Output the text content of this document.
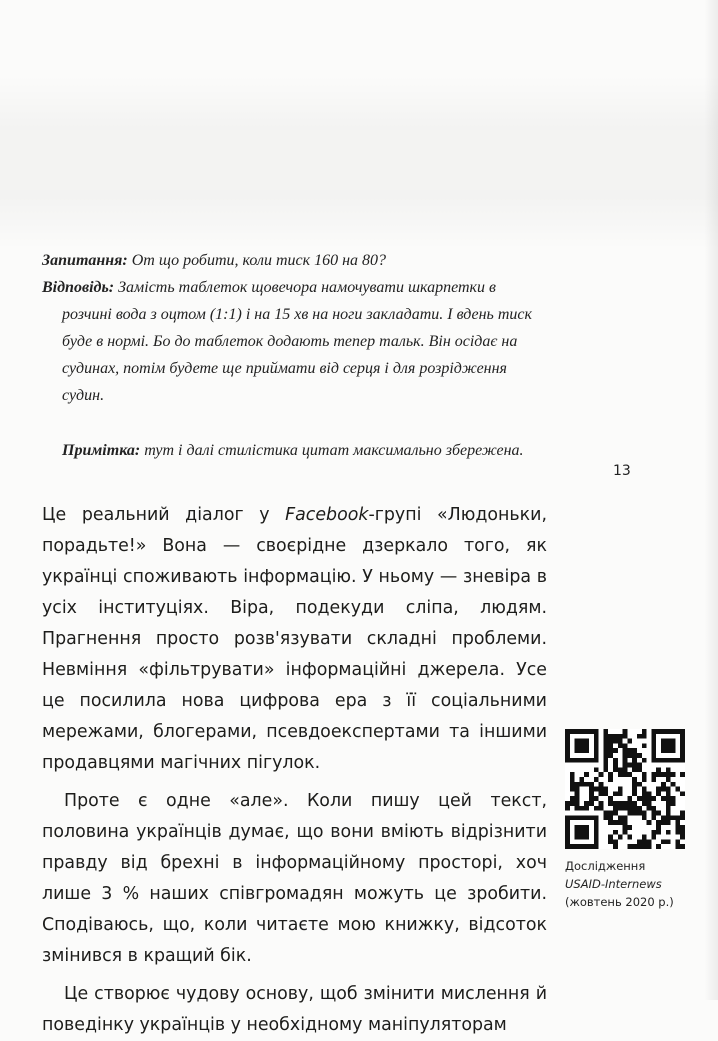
Запитання: От що робити, коли тиск 160 на 80?

Відповідь: Замість таблеток щовечора намочувати шкарпетки в розчині вода з оцтом (1:1) і на 15 хв на ноги закладати. І вдень тиск буде в нормі. Бо до таблеток додають тепер тальк. Він осідає на судинах, потім будете ще приймати від серця і для розрідження судин.

Примітка: тут і далі стилістика цитат максимально збережена.

13

Це реальний діалог у Facebook-групі «Людоньки, порадьте!» Вона — своєрідне дзеркало того, як українці споживають інформацію. У ньому — зневіра в усіх інституціях. Віра, подекуди сліпа, людям. Прагнення просто розв'язувати складні проблеми. Невміння «фільтрувати» інформаційні джерела. Усе це посилила нова цифрова ера з її соціальними мережами, блогерами, псевдоекспертами та іншими продавцями магічних пігулок.

Проте є одне «але». Коли пишу цей текст, половина українців думає, що вони вміють відрізнити правду від брехні в інформаційному просторі, хоч лише 3 % наших співгромадян можуть це зробити. Сподіваюсь, що, коли читаєте мою книжку, відсоток змінився в кращий бік.

Це створює чудову основу, щоб змінити мислення й поведінку українців у необхідному маніпуляторам

Дослідження
USAID-Internews
(жовтень 2020 р.)
